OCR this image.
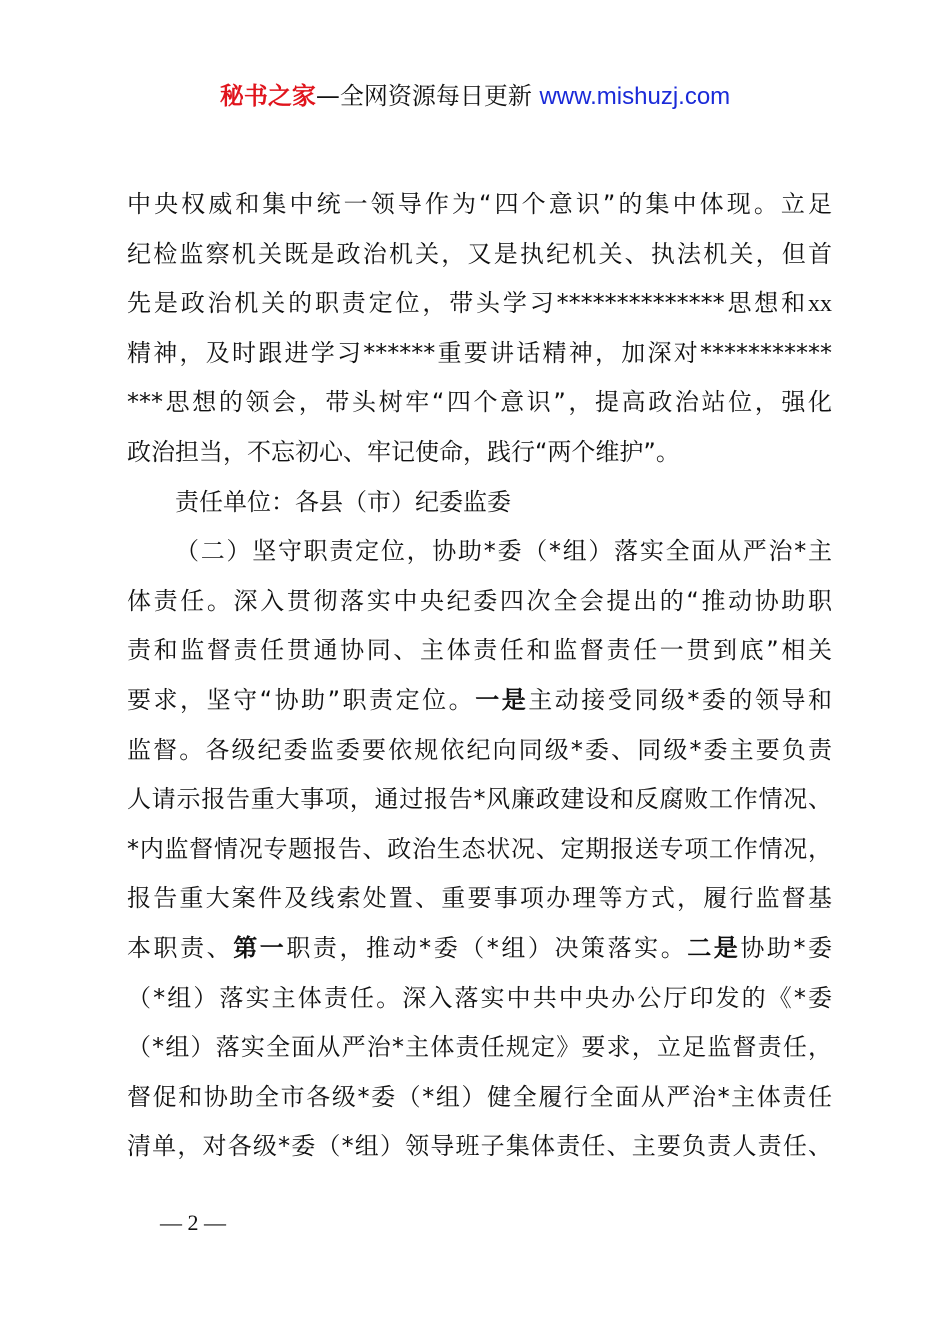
秘书之家—全网资源每日更新 www.mishuzj.com
中央权威和集中统一领导作为“四个意识”的集中体现。立足
纪检监察机关既是政治机关，又是执纪机关、执法机关，但首
先是政治机关的职责定位，带头学习**************思想和xx
精神，及时跟进学习******重要讲话精神，加深对***********
***思想的领会，带头树牢“四个意识”，提高政治站位，强化
政治担当，不忘初心、牢记使命，践行“两个维护”。
责任单位：各县（市）纪委监委
（二）坚守职责定位，协助*委（*组）落实全面从严治*主
体责任。深入贯彻落实中央纪委四次全会提出的“推动协助职
责和监督责任贯通协同、主体责任和监督责任一贯到底”相关
要求，坚守“协助”职责定位。一是主动接受同级*委的领导和
监督。各级纪委监委要依规依纪向同级*委、同级*委主要负责
人请示报告重大事项，通过报告*风廉政建设和反腐败工作情况、
*内监督情况专题报告、政治生态状况、定期报送专项工作情况，
报告重大案件及线索处置、重要事项办理等方式，履行监督基
本职责、第一职责，推动*委（*组）决策落实。二是协助*委
（*组）落实主体责任。深入落实中共中央办公厅印发的《*委
（*组）落实全面从严治*主体责任规定》要求，立足监督责任，
督促和协助全市各级*委（*组）健全履行全面从严治*主体责任
清单，对各级*委（*组）领导班子集体责任、主要负责人责任、
— 2 —
